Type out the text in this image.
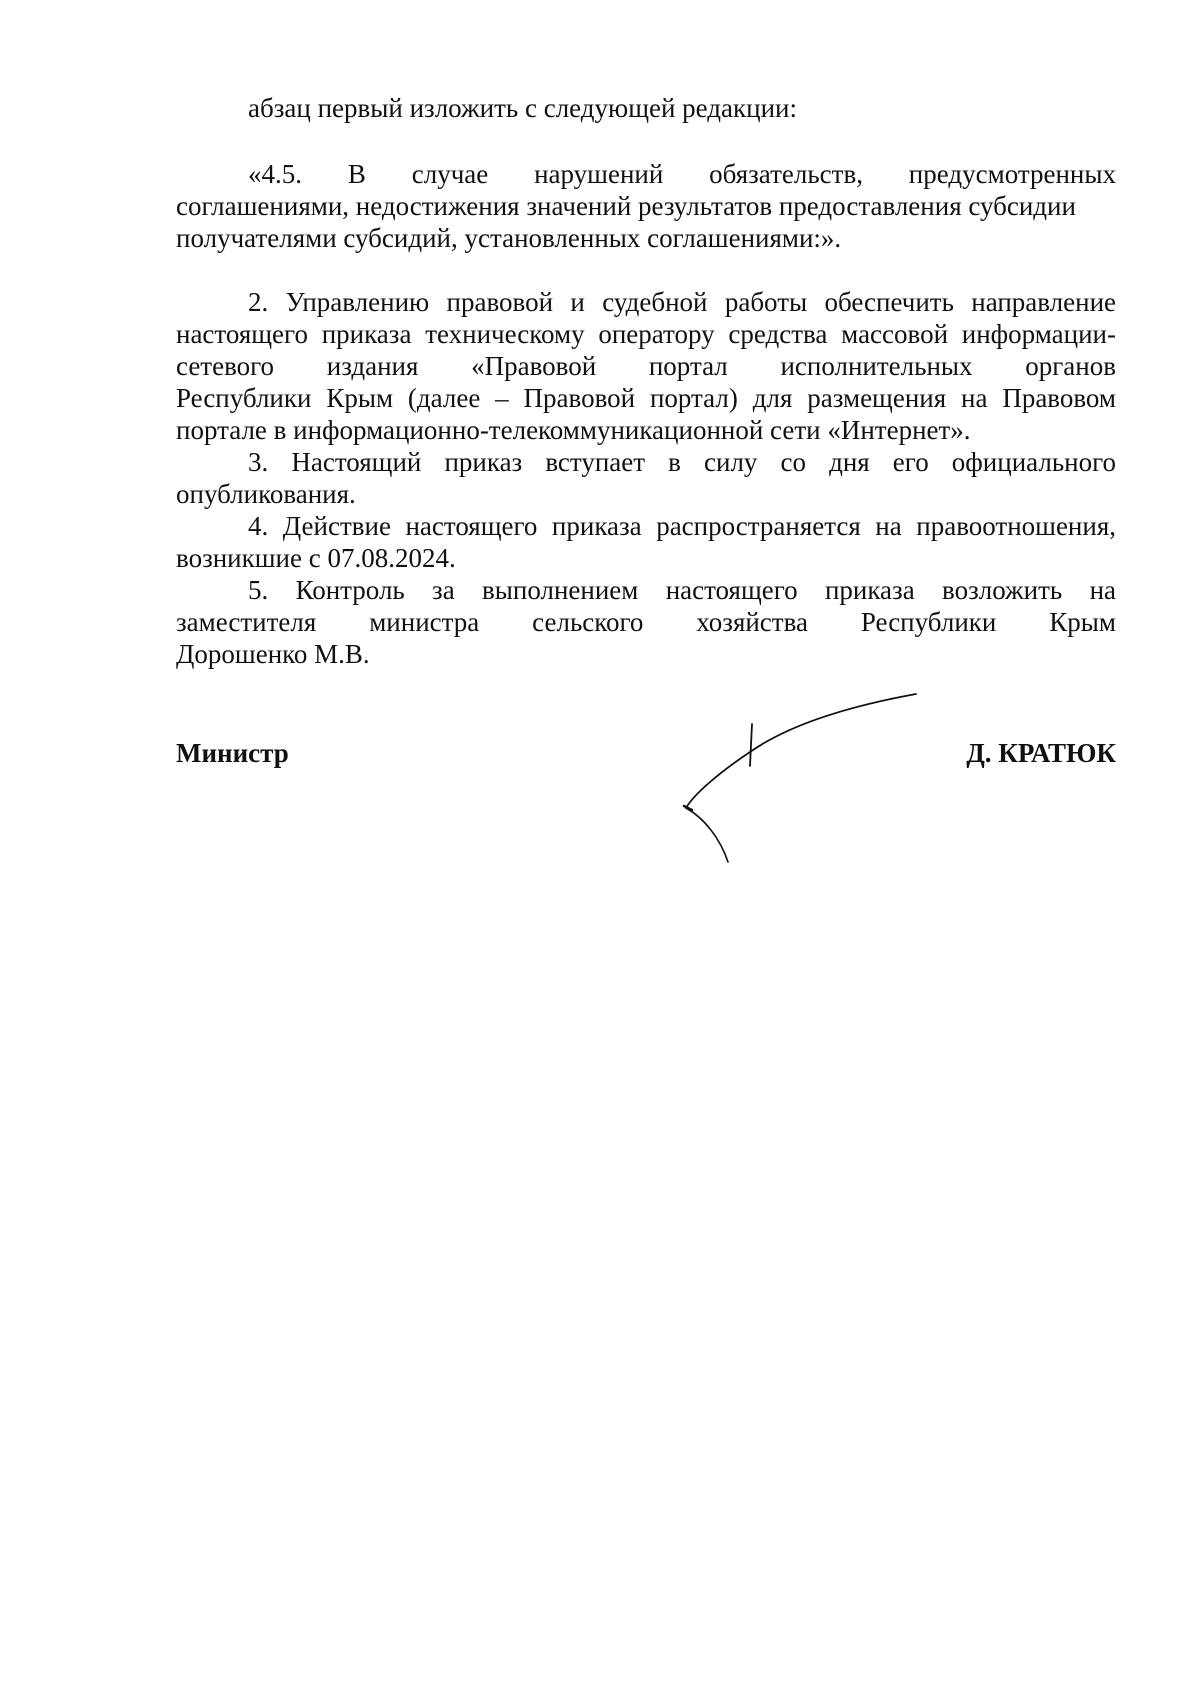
абзац первый изложить с следующей редакции:
«4.5. В случае нарушений обязательств, предусмотренных
соглашениями, недостижения значений результатов предоставления субсидии
получателями субсидий, установленных соглашениями:».
2. Управлению правовой и судебной работы обеспечить направление
настоящего приказа техническому оператору средства массовой информации-
сетевого издания «Правовой портал исполнительных органов
Республики Крым (далее – Правовой портал) для размещения на Правовом
портале в информационно-телекоммуникационной сети «Интернет».
3. Настоящий приказ вступает в силу со дня его официального
опубликования.
4. Действие настоящего приказа распространяется на правоотношения,
возникшие с 07.08.2024.
5. Контроль за выполнением настоящего приказа возложить на
заместителя министра сельского хозяйства Республики Крым
Дорошенко М.В.
Министр	Д. КРАТЮК
